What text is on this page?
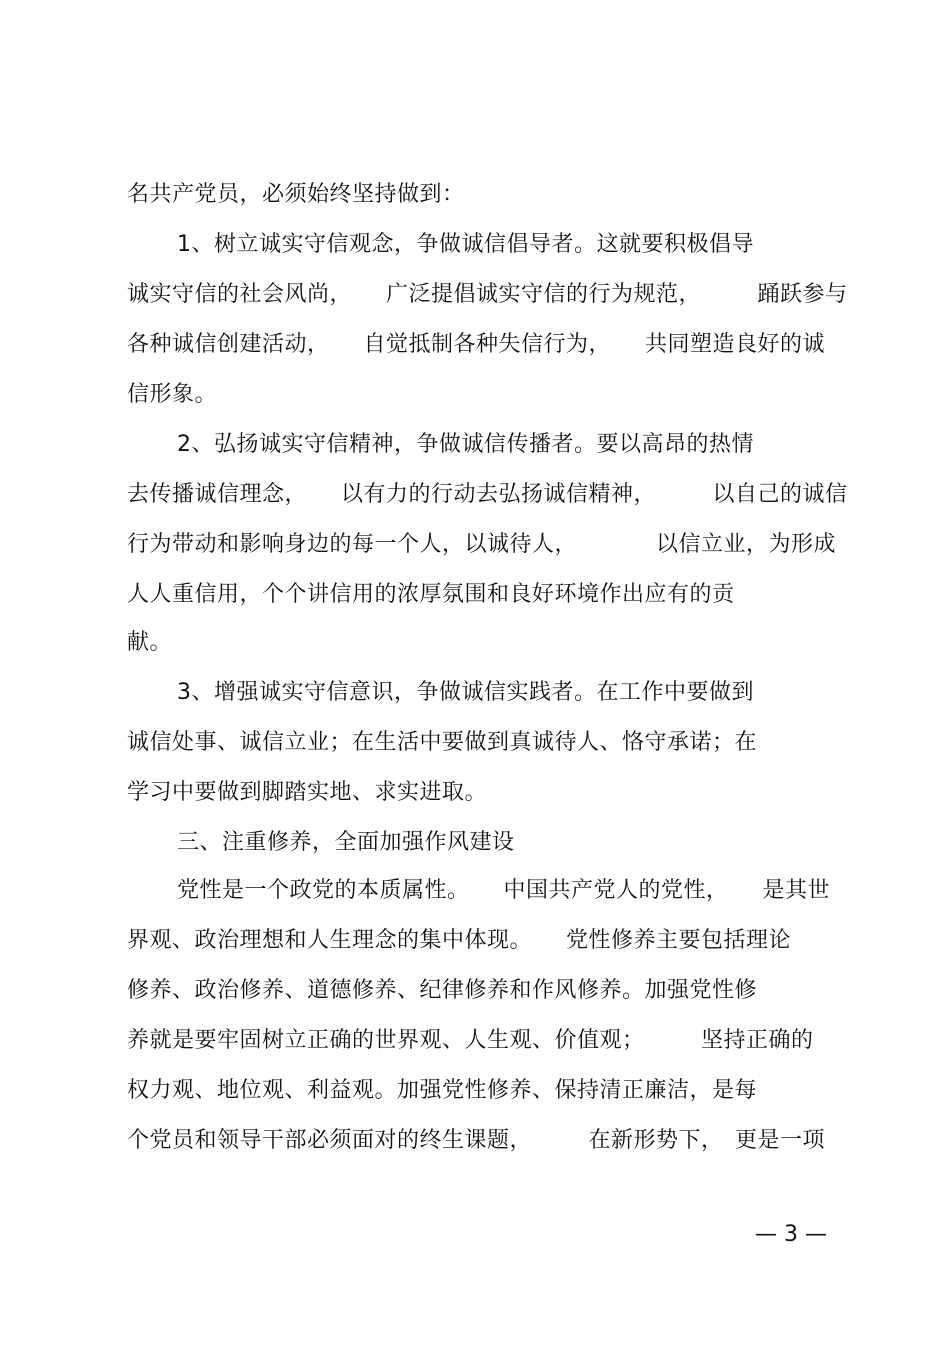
名共产党员，必须始终坚持做到：
1、树立诚实守信观念，争做诚信倡导者。这就要积极倡导
诚实守信的社会风尚，　　广泛提倡诚实守信的行为规范，　　　踊跃参与
各种诚信创建活动，　　自觉抵制各种失信行为，　　共同塑造良好的诚
信形象。
2、弘扬诚实守信精神，争做诚信传播者。要以高昂的热情
去传播诚信理念，　　以有力的行动去弘扬诚信精神，　　　以自己的诚信
行为带动和影响身边的每一个人，以诚待人，　　　　以信立业，为形成
人人重信用，个个讲信用的浓厚氛围和良好环境作出应有的贡
献。
3、增强诚实守信意识，争做诚信实践者。在工作中要做到
诚信处事、诚信立业；在生活中要做到真诚待人、恪守承诺；在
学习中要做到脚踏实地、求实进取。
三、注重修养，全面加强作风建设
党性是一个政党的本质属性。　　中国共产党人的党性，　　是其世
界观、政治理想和人生理念的集中体现。　　党性修养主要包括理论
修养、政治修养、道德修养、纪律修养和作风修养。加强党性修
养就是要牢固树立正确的世界观、人生观、价值观；　　　坚持正确的
权力观、地位观、利益观。加强党性修养、保持清正廉洁，是每
个党员和领导干部必须面对的终生课题，　　　在新形势下，　更是一项
— 3 —
